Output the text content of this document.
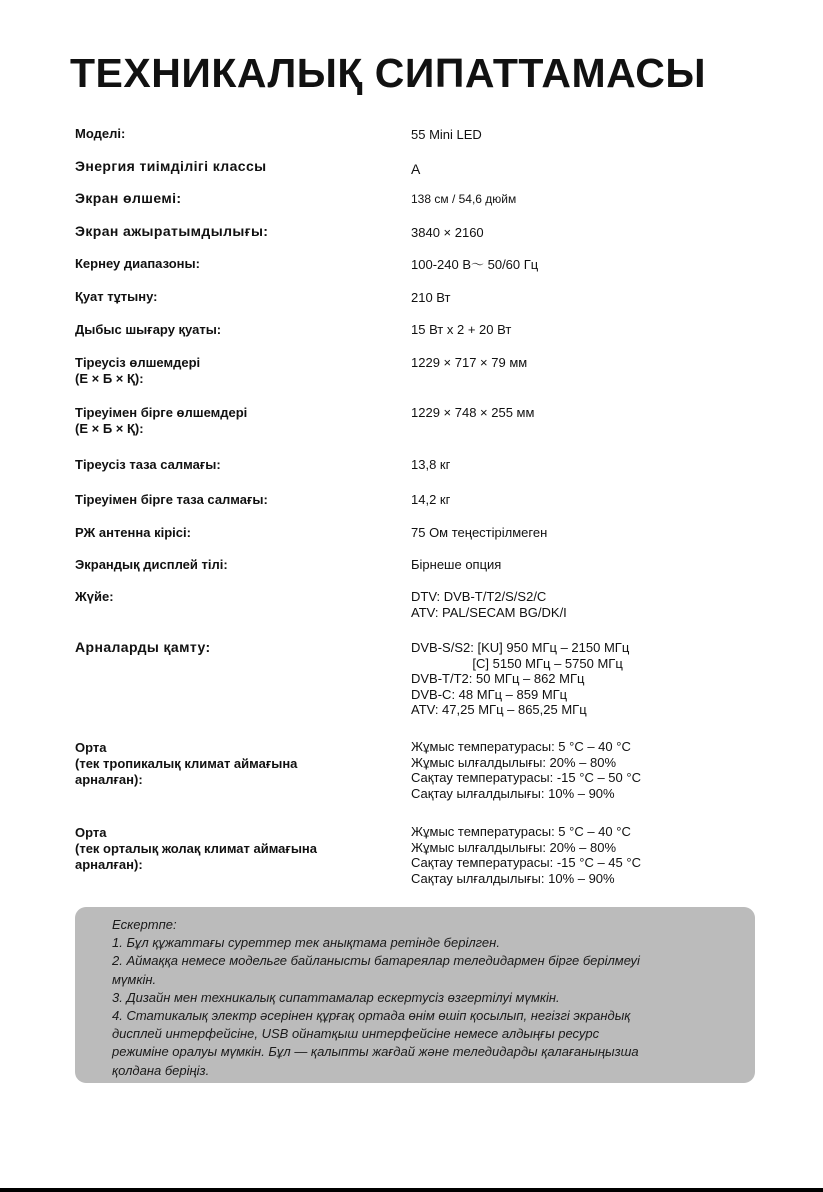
ТЕХНИКАЛЫҚ СИПАТТАМАСЫ
Моделі:
Энергия тиімділігі классы
Экран өлшемі:
Экран ажыратымдылығы:
Кернеу диапазоны:
Қуат тұтыну:
Дыбыс шығару қуаты:
Тіреусіз өлшемдері
(Е × Б × Қ):
Тіреуімен бірге өлшемдері
(Е × Б × Қ):
Тіреусіз таза салмағы:
Тіреуімен бірге таза салмағы:
РЖ антенна кірісі:
Экрандық дисплей тілі:
Жүйе:
Арналарды қамту:
Орта
(тек тропикалық климат аймағына
арналған):
Орта
(тек орталық жолақ климат аймағына
арналған):
55 Mini LED
A
138 см / 54,6 дюйм
3840 × 2160
100-240 В～ 50/60 Гц
210 Вт
15 Вт x 2 + 20 Вт
1229 × 717 × 79 мм
1229 × 748 × 255 мм
13,8 кг
14,2 кг
75 Ом теңестірілмеген
Бірнеше опция
DTV: DVB-T/T2/S/S2/C
ATV: PAL/SECAM BG/DK/I
DVB-S/S2: [KU] 950 МГц – 2150 МГц
[C] 5150 МГц – 5750 МГц
DVB-T/T2: 50 МГц – 862 МГц
DVB-C: 48 МГц – 859 МГц
ATV: 47,25 МГц – 865,25 МГц
Жұмыс температурасы: 5 °C – 40 °C
Жұмыс ылғалдылығы: 20% – 80%
Сақтау температурасы: -15 °C – 50 °C
Сақтау ылғалдылығы: 10% – 90%
Жұмыс температурасы: 5 °C – 40 °C
Жұмыс ылғалдылығы: 20% – 80%
Сақтау температурасы: -15 °C – 45 °C
Сақтау ылғалдылығы: 10% – 90%
Ескертпе:
1. Бұл құжаттағы суреттер тек анықтама ретінде берілген.
2. Аймаққа немесе модельге байланысты батареялар теледидармен бірге берілмеуі
мүмкін.
3. Дизайн мен техникалық сипаттамалар ескертусіз өзгертілуі мүмкін.
4. Статикалық электр әсерінен құрғақ ортада өнім өшіп қосылып, негізгі экрандық
дисплей интерфейсіне, USB ойнатқыш интерфейсіне немесе алдыңғы ресурс
режиміне оралуы мүмкін. Бұл — қалыпты жағдай және теледидарды қалағаныңызша
қолдана беріңіз.
